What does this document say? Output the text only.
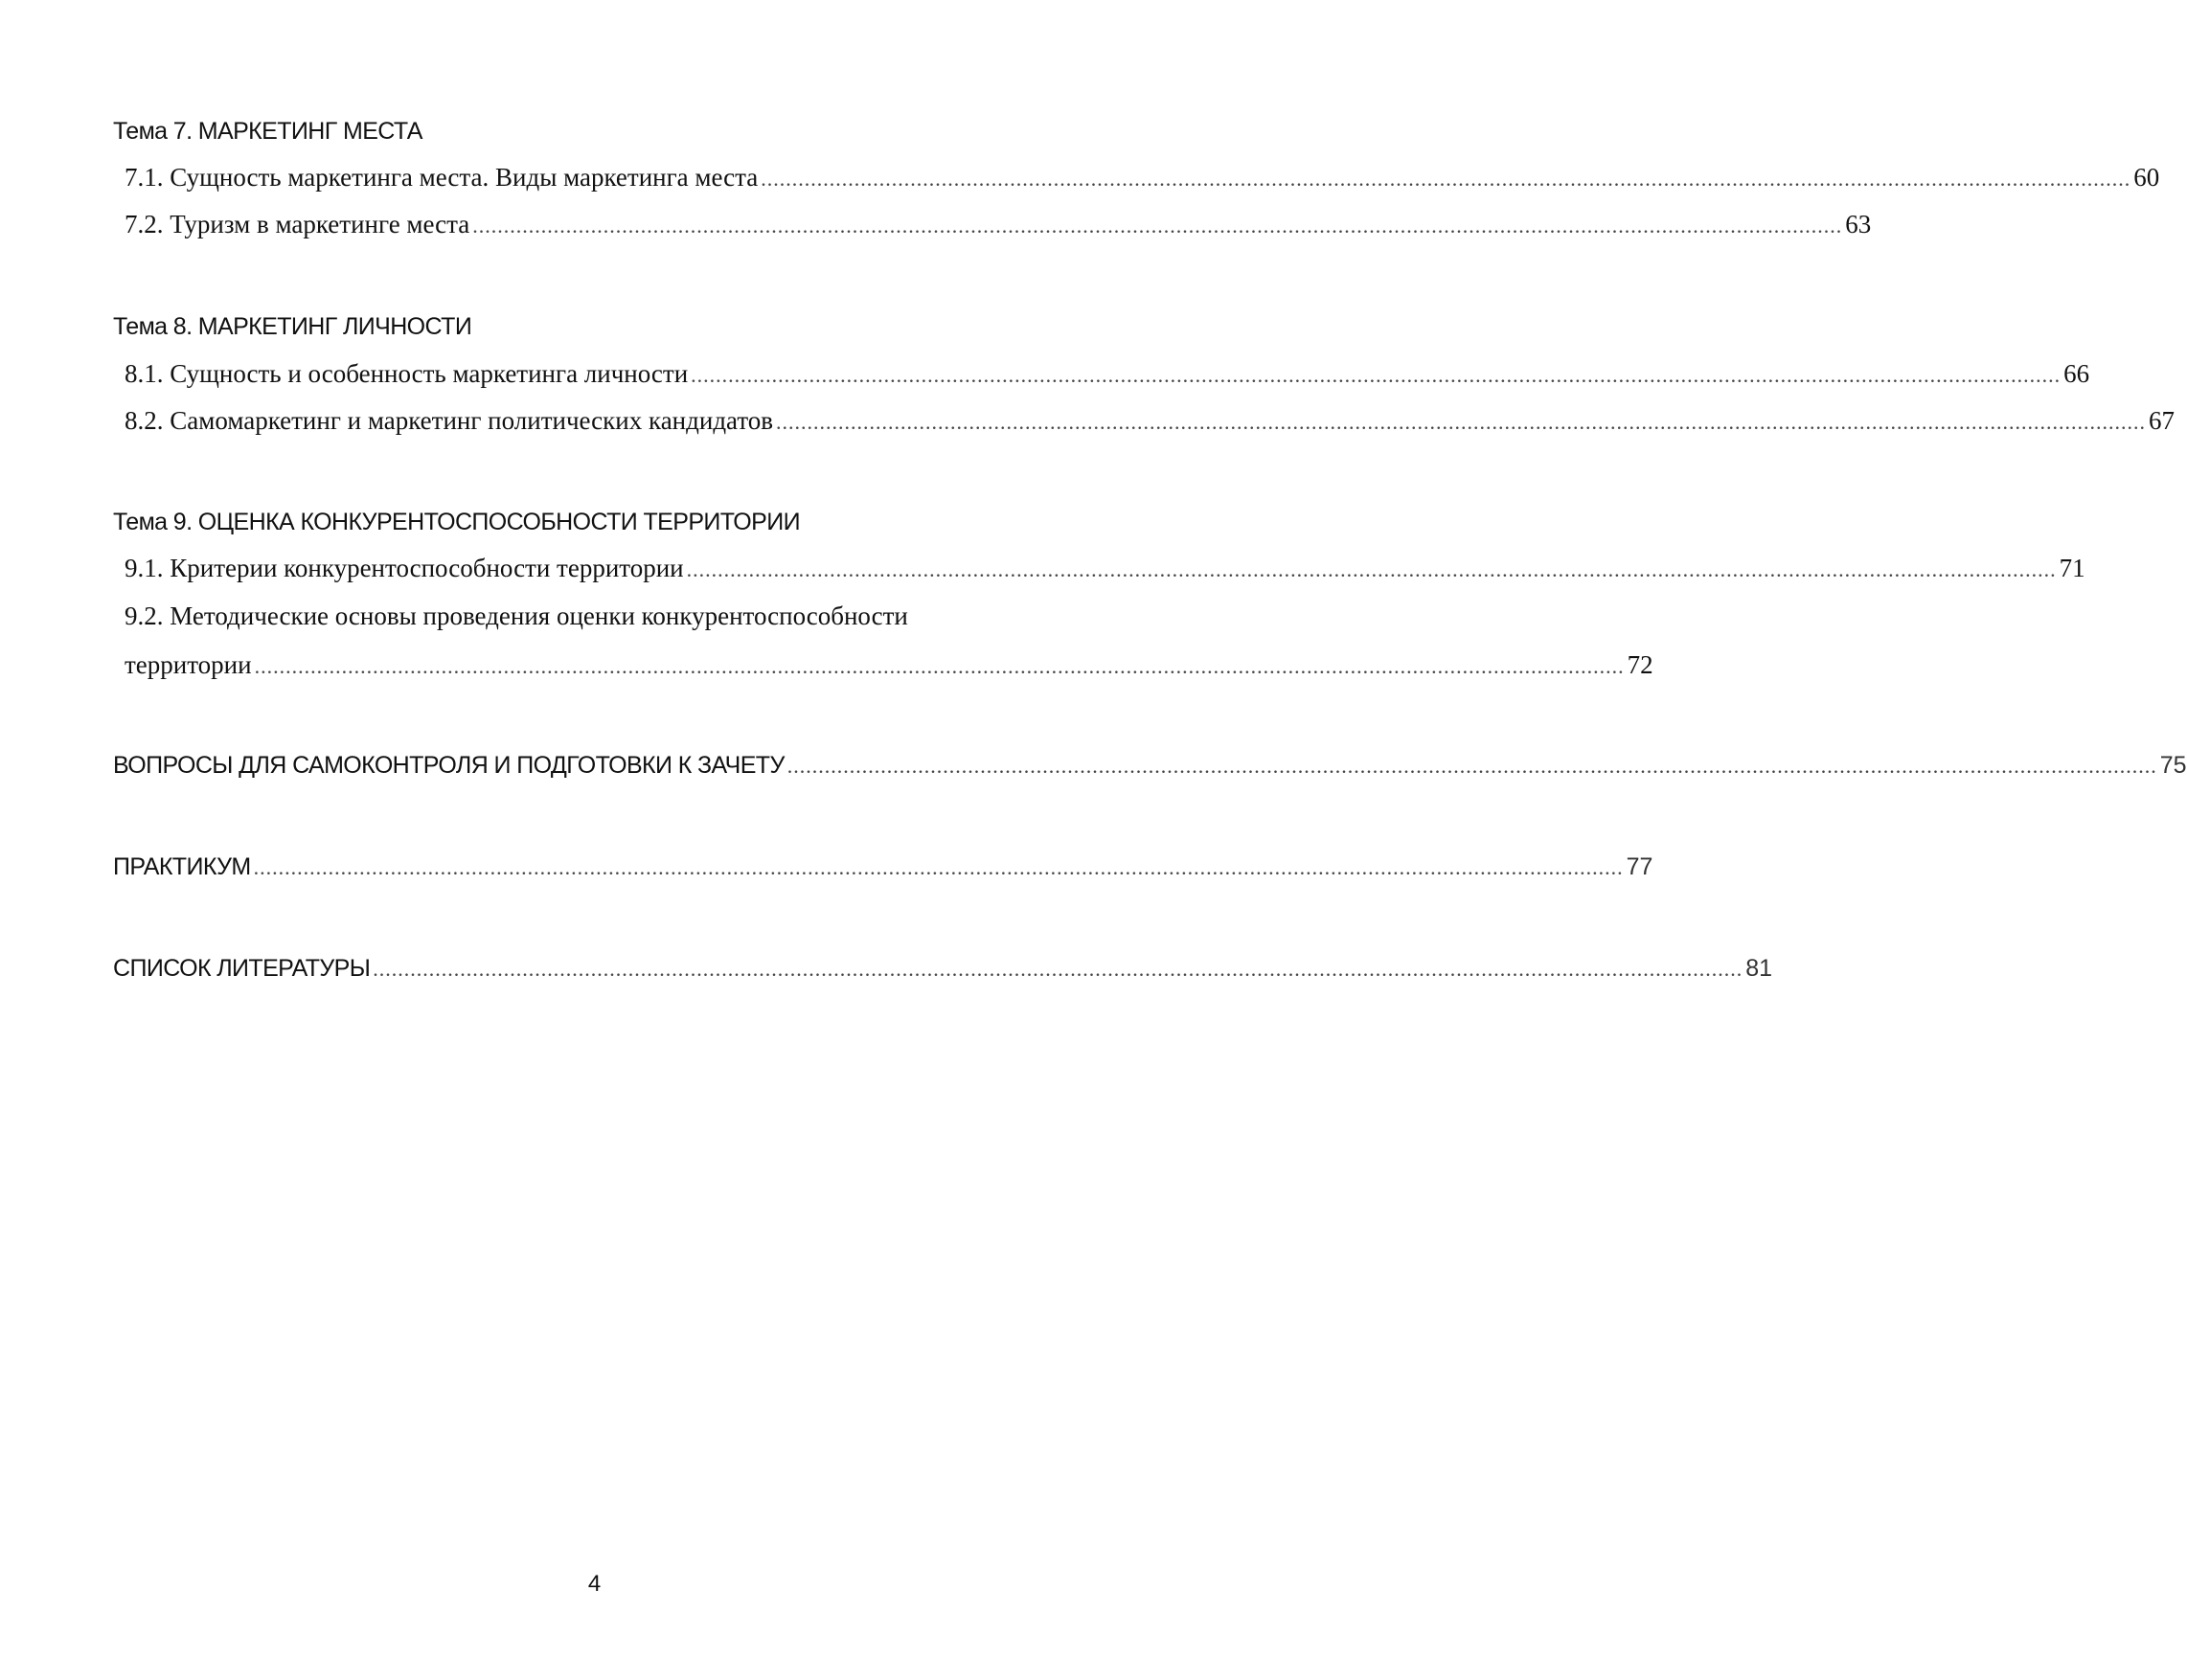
Тема 7. МАРКЕТИНГ МЕСТА
7.1. Сущность маркетинга места. Виды маркетинга места ............................................................................................................................................................................................................................ 60
7.2. Туризм в маркетинге места ............................................................................................................................................................................................................................ 63
Тема 8. МАРКЕТИНГ ЛИЧНОСТИ
8.1. Сущность и особенность маркетинга личности ............................................................................................................................................................................................................................ 66
8.2. Самомаркетинг и маркетинг политических кандидатов ............................................................................................................................................................................................................................ 67
Тема 9. ОЦЕНКА КОНКУРЕНТОСПОСОБНОСТИ ТЕРРИТОРИИ
9.1. Критерии конкурентоспособности территории ............................................................................................................................................................................................................................ 71
9.2. Методические основы проведения оценки конкурентоспособности
территории ............................................................................................................................................................................................................................ 72
ВОПРОСЫ ДЛЯ САМОКОНТРОЛЯ И ПОДГОТОВКИ К ЗАЧЕТУ ............................................................................................................................................................................................................................ 75
ПРАКТИКУМ ............................................................................................................................................................................................................................ 77
СПИСОК ЛИТЕРАТУРЫ ............................................................................................................................................................................................................................ 81
4
